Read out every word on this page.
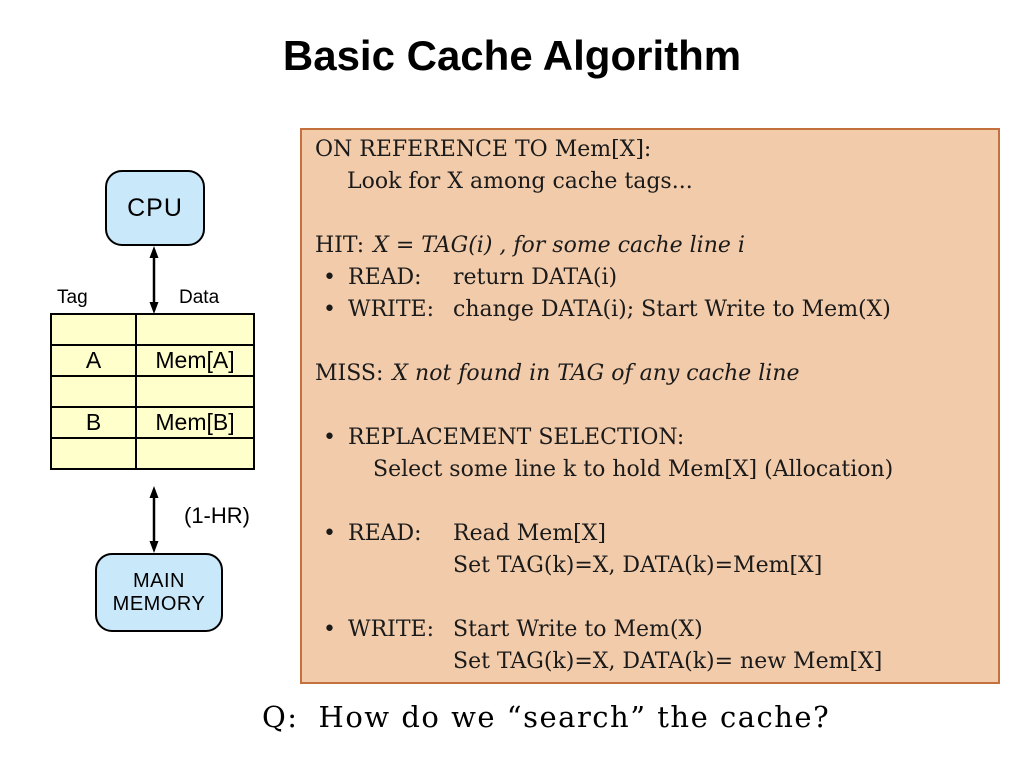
Basic Cache Algorithm
CPU
Tag	Data

A	Mem[A]

B	Mem[B]

(1-HR)
MAIN
MEMORY
ON REFERENCE TO Mem[X]:
Look for X among cache tags...
HIT: X = TAG(i) , for some cache line i
• READ:	return DATA(i)
• WRITE: change DATA(i); Start Write to Mem(X)
MISS: X not found in TAG of any cache line
• REPLACEMENT SELECTION:
Select some line k to hold Mem[X] (Allocation)
• READ:	Read Mem[X]
Set TAG(k)=X, DATA(k)=Mem[X]
• WRITE: Start Write to Mem(X)
Set TAG(k)=X, DATA(k)= new Mem[X]
Q: How do we “search” the cache?
